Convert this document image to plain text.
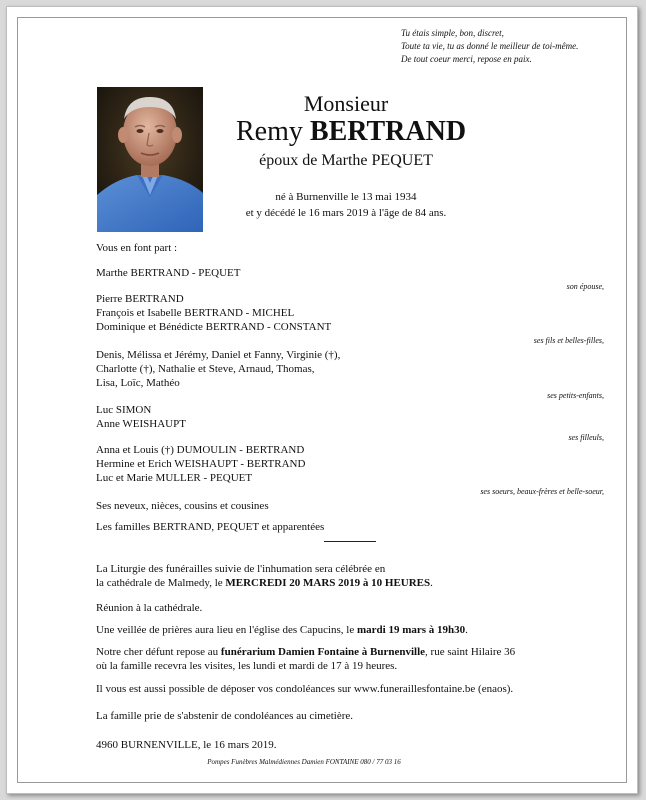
Tu étais simple, bon, discret,
Toute ta vie, tu as donné le meilleur de toi-même.
De tout coeur merci, repose en paix.
Monsieur
Remy BERTRAND
époux de Marthe PEQUET
né à Burnenville le 13 mai 1934
et y décédé le 16 mars 2019 à l'âge de 84 ans.
Vous en font part :
Marthe BERTRAND - PEQUET
son épouse,
Pierre BERTRAND
François et Isabelle BERTRAND - MICHEL
Dominique et Bénédicte BERTRAND - CONSTANT
ses fils et belles-filles,
Denis, Mélissa et Jérémy, Daniel et Fanny, Virginie (†),
Charlotte (†), Nathalie et Steve, Arnaud, Thomas,
Lisa, Loïc, Mathéo
ses petits-enfants,
Luc SIMON
Anne WEISHAUPT
ses filleuls,
Anna et Louis (†) DUMOULIN - BERTRAND
Hermine et Erich WEISHAUPT - BERTRAND
Luc et Marie MULLER - PEQUET
ses soeurs, beaux-frères et belle-soeur,
Ses neveux, nièces, cousins et cousines
Les familles BERTRAND, PEQUET et apparentées
La Liturgie des funérailles suivie de l'inhumation sera célébrée en
la cathédrale de Malmedy, le MERCREDI 20 MARS 2019 à 10 HEURES.
Réunion à la cathédrale.
Une veillée de prières aura lieu en l'église des Capucins, le mardi 19 mars à 19h30.
Notre cher défunt repose au funérarium Damien Fontaine à Burnenville, rue saint Hilaire 36
où la famille recevra les visites, les lundi et mardi de 17 à 19 heures.
Il vous est aussi possible de déposer vos condoléances sur www.funeraillesfontaine.be (enaos).
La famille prie de s'abstenir de condoléances au cimetière.
4960 BURNENVILLE, le 16 mars 2019.
Pompes Funèbres Malmédiennes Damien FONTAINE 080 / 77 03 16
